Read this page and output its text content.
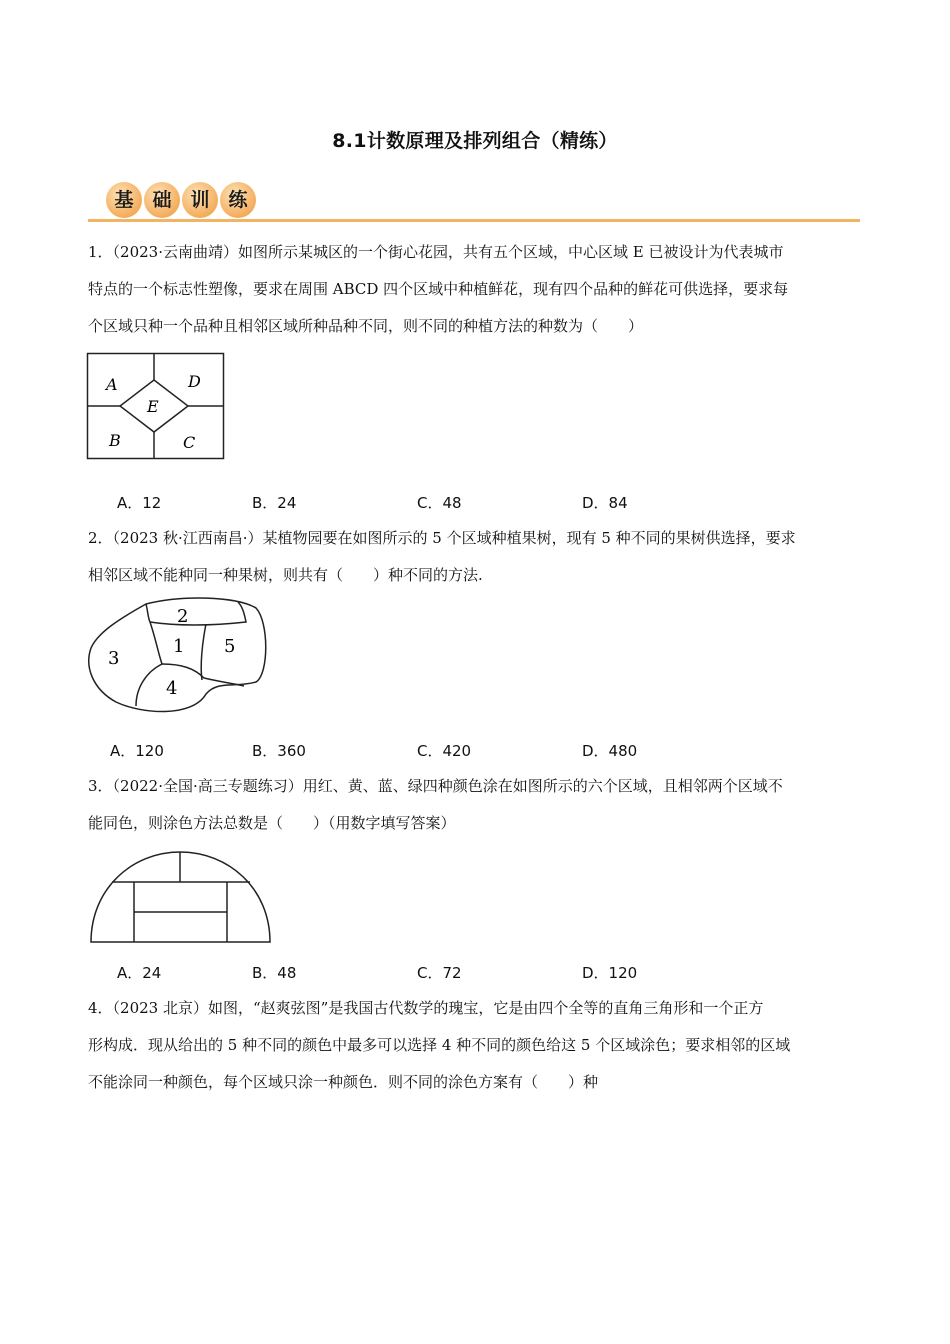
8.1计数原理及排列组合（精练）
基 础 训 练

1．（2023·云南曲靖）如图所示某城区的一个街心花园，共有五个区域，中心区域 E 已被设计为代表城市

特点的一个标志性塑像，要求在周围 ABCD 四个区域中种植鲜花，现有四个品种的鲜花可供选择，要求每

个区域只种一个品种且相邻区域所种品种不同，则不同的种植方法的种数为（　　）

A	D
E
B	C
A．12	B．24	C．48	D．84

2．（2023 秋·江西南昌·）某植物园要在如图所示的 5 个区域种植果树，现有 5 种不同的果树供选择，要求

相邻区域不能种同一种果树，则共有（　　）种不同的方法.

2
1 5
3
4
A．120	B．360	C．420	D．480

3．（2022·全国·高三专题练习）用红、黄、蓝、绿四种颜色涂在如图所示的六个区域，且相邻两个区域不

能同色，则涂色方法总数是（　　）（用数字填写答案）

A．24	B．48	C．72	D．120

4．（2023 北京）如图，“赵爽弦图”是我国古代数学的瑰宝，它是由四个全等的直角三角形和一个正方

形构成．现从给出的 5 种不同的颜色中最多可以选择 4 种不同的颜色给这 5 个区域涂色；要求相邻的区域

不能涂同一种颜色，每个区域只涂一种颜色．则不同的涂色方案有（　　）种
